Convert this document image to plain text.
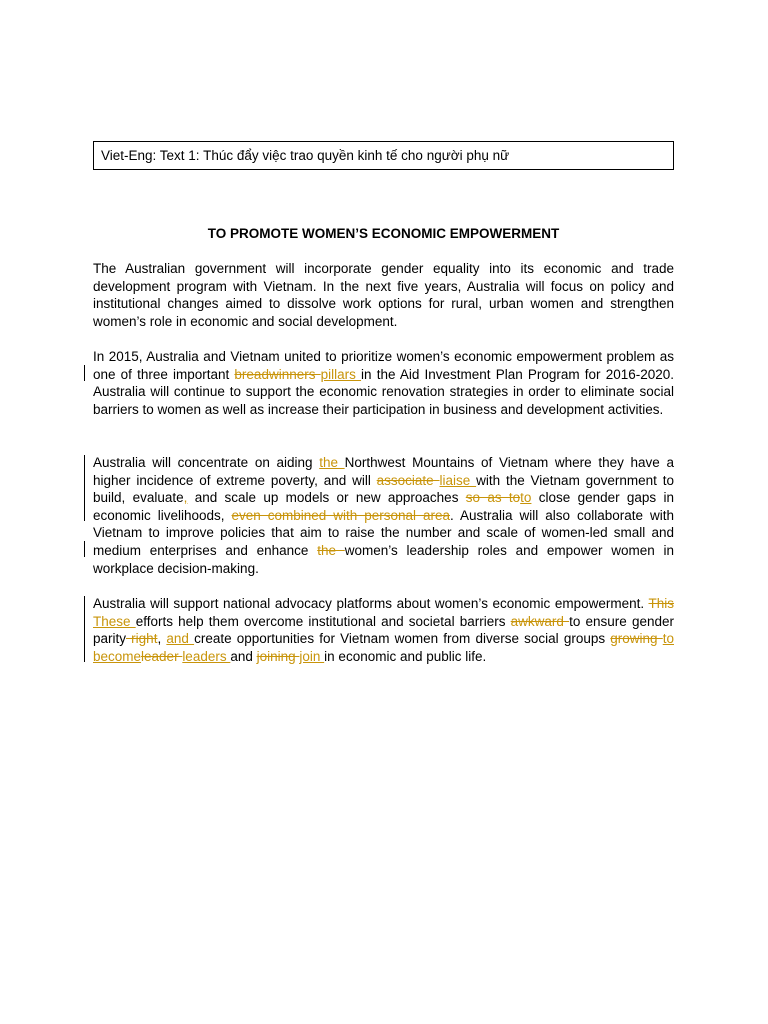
Viet-Eng: Text 1: Thúc đẩy việc trao quyền kinh tế cho người phụ nữ
TO PROMOTE WOMEN’S ECONOMIC EMPOWERMENT
The Australian government will incorporate gender equality into its economic and trade development program with Vietnam. In the next five years, Australia will focus on policy and institutional changes aimed to dissolve work options for rural, urban women and strengthen women’s role in economic and social development.
In 2015, Australia and Vietnam united to prioritize women’s economic empowerment problem as one of three important breadwinners pillars in the Aid Investment Plan Program for 2016-2020. Australia will continue to support the economic renovation strategies in order to eliminate social barriers to women as well as increase their participation in business and development activities.
Australia will concentrate on aiding the Northwest Mountains of Vietnam where they have a higher incidence of extreme poverty, and will associate liaise with the Vietnam government to build, evaluate, and scale up models or new approaches so as toto close gender gaps in economic livelihoods, even combined with personal area. Australia will also collaborate with Vietnam to improve policies that aim to raise the number and scale of women-led small and medium enterprises and enhance the women’s leadership roles and empower women in workplace decision-making.
Australia will support national advocacy platforms about women’s economic empowerment. This These efforts help them overcome institutional and societal barriers awkward to ensure gender parity right, and create opportunities for Vietnam women from diverse social groups growing to becomeleader leaders and joining join in economic and public life.
